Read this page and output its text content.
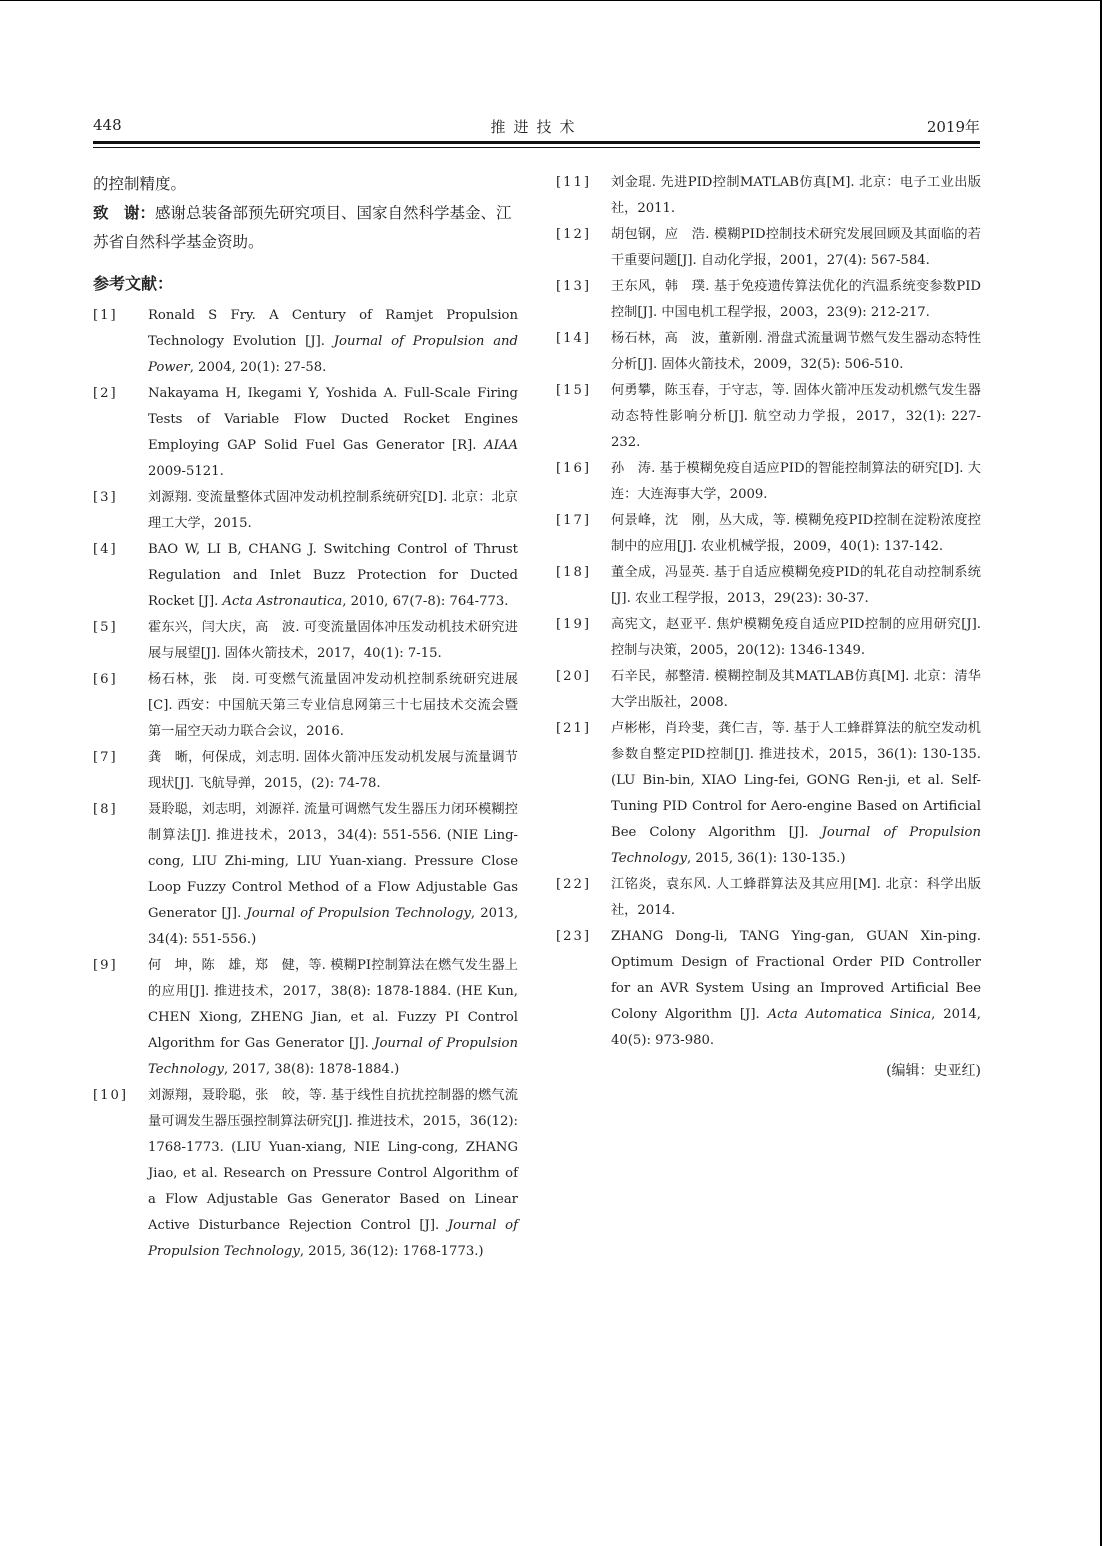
448	推进技术	2019年
的控制精度。
致　谢：感谢总装备部预先研究项目、国家自然科学基金、江苏省自然科学基金资助。
参考文献：
[1]	Ronald S Fry. A Century of Ramjet Propulsion Technology Evolution [J]. Journal of Propulsion and Power, 2004, 20(1): 27-58.
[2]	Nakayama H, Ikegami Y, Yoshida A. Full-Scale Firing Tests of Variable Flow Ducted Rocket Engines Employing GAP Solid Fuel Gas Generator [R]. AIAA 2009-5121.
[3]	刘源翔. 变流量整体式固冲发动机控制系统研究[D]. 北京：北京理工大学，2015.
[4]	BAO W, LI B, CHANG J. Switching Control of Thrust Regulation and Inlet Buzz Protection for Ducted Rocket [J]. Acta Astronautica, 2010, 67(7-8): 764-773.
[5]	霍东兴，闫大庆，高　波. 可变流量固体冲压发动机技术研究进展与展望[J]. 固体火箭技术，2017，40(1): 7-15.
[6]	杨石林，张　岗. 可变燃气流量固冲发动机控制系统研究进展[C]. 西安：中国航天第三专业信息网第三十七届技术交流会暨第一届空天动力联合会议，2016.
[7]	龚　晰，何保成，刘志明. 固体火箭冲压发动机发展与流量调节现状[J]. 飞航导弹，2015，(2): 74-78.
[8]	聂聆聪，刘志明，刘源祥. 流量可调燃气发生器压力闭环模糊控制算法[J]. 推进技术，2013，34(4): 551-556. (NIE Ling-cong, LIU Zhi-ming, LIU Yuan-xiang. Pressure Close Loop Fuzzy Control Method of a Flow Adjustable Gas Generator [J]. Journal of Propulsion Technology, 2013, 34(4): 551-556.)
[9]	何　坤，陈　雄，郑　健，等. 模糊PI控制算法在燃气发生器上的应用[J]. 推进技术，2017，38(8): 1878-1884. (HE Kun, CHEN Xiong, ZHENG Jian, et al. Fuzzy PI Control Algorithm for Gas Generator [J]. Journal of Propulsion Technology, 2017, 38(8): 1878-1884.)
[10]	刘源翔，聂聆聪，张　皎，等. 基于线性自抗扰控制器的燃气流量可调发生器压强控制算法研究[J]. 推进技术，2015，36(12): 1768-1773. (LIU Yuan-xiang, NIE Ling-cong, ZHANG Jiao, et al. Research on Pressure Control Algorithm of a Flow Adjustable Gas Generator Based on Linear Active Disturbance Rejection Control [J]. Journal of Propulsion Technology, 2015, 36(12): 1768-1773.)
[11]	刘金琨. 先进PID控制MATLAB仿真[M]. 北京：电子工业出版社，2011.
[12]	胡包钢，应　浩. 模糊PID控制技术研究发展回顾及其面临的若干重要问题[J]. 自动化学报，2001，27(4): 567-584.
[13]	王东风，韩　璞. 基于免疫遗传算法优化的汽温系统变参数PID控制[J]. 中国电机工程学报，2003，23(9): 212-217.
[14]	杨石林，高　波，董新刚. 滑盘式流量调节燃气发生器动态特性分析[J]. 固体火箭技术，2009，32(5): 506-510.
[15]	何勇攀，陈玉春，于守志，等. 固体火箭冲压发动机燃气发生器动态特性影响分析[J]. 航空动力学报，2017，32(1): 227-232.
[16]	孙　涛. 基于模糊免疫自适应PID的智能控制算法的研究[D]. 大连：大连海事大学，2009.
[17]	何景峰，沈　刚，丛大成，等. 模糊免疫PID控制在淀粉浓度控制中的应用[J]. 农业机械学报，2009，40(1): 137-142.
[18]	董全成，冯显英. 基于自适应模糊免疫PID的轧花自动控制系统[J]. 农业工程学报，2013，29(23): 30-37.
[19]	高宪文，赵亚平. 焦炉模糊免疫自适应PID控制的应用研究[J]. 控制与决策，2005，20(12): 1346-1349.
[20]	石辛民，郝整清. 模糊控制及其MATLAB仿真[M]. 北京：清华大学出版社，2008.
[21]	卢彬彬，肖玲斐，龚仁吉，等. 基于人工蜂群算法的航空发动机参数自整定PID控制[J]. 推进技术，2015，36(1): 130-135. (LU Bin-bin, XIAO Ling-fei, GONG Ren-ji, et al. Self-Tuning PID Control for Aero-engine Based on Artificial Bee Colony Algorithm [J]. Journal of Propulsion Technology, 2015, 36(1): 130-135.)
[22]	江铭炎，袁东风. 人工蜂群算法及其应用[M]. 北京：科学出版社，2014.
[23]	ZHANG Dong-li, TANG Ying-gan, GUAN Xin-ping. Optimum Design of Fractional Order PID Controller for an AVR System Using an Improved Artificial Bee Colony Algorithm [J]. Acta Automatica Sinica, 2014, 40(5): 973-980.
(编辑：史亚红)
